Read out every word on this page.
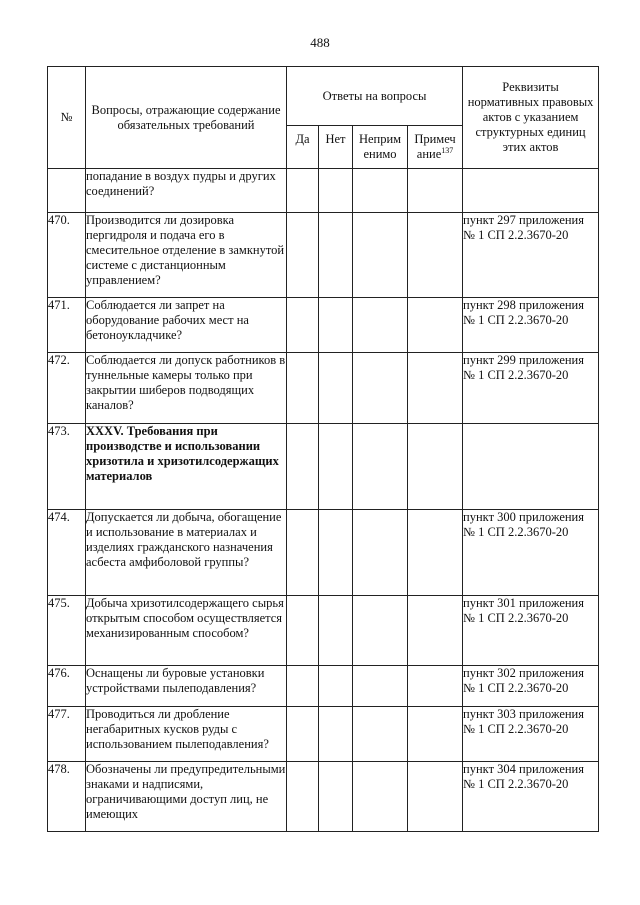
488
№	Вопросы, отражающие содержание обязательных требований	Ответы на вопросы				Реквизиты нормативных правовых актов с указанием структурных единиц этих актов
		Да	Нет	Неприм енимо	Примеч ание$^{137}$
	попадание в воздух пудры и других соединений?					
470.	Производится ли дозировка пергидроля и подача его в смесительное отделение в замкнутой системе с дистанционным управлением?					пункт 297 приложения № 1 СП 2.2.3670-20
471.	Соблюдается ли запрет на оборудование рабочих мест на бетоноукладчике?					пункт 298 приложения № 1 СП 2.2.3670-20
472.	Соблюдается ли допуск работников в туннельные камеры только при закрытии шиберов подводящих каналов?					пункт 299 приложения № 1 СП 2.2.3670-20
473.	XXXV. Требования при производстве и использовании хризотила и хризотилсодержащих материалов					
474.	Допускается ли добыча, обогащение и использование в материалах и изделиях гражданского назначения асбеста амфиболовой группы?					пункт 300 приложения № 1 СП 2.2.3670-20
475.	Добыча хризотилсодержащего сырья открытым способом осуществляется механизированным способом?					пункт 301 приложения № 1 СП 2.2.3670-20
476.	Оснащены ли буровые установки устройствами пылеподавления?					пункт 302 приложения № 1 СП 2.2.3670-20
477.	Проводиться ли дробление негабаритных кусков руды с использованием пылеподавления?					пункт 303 приложения № 1 СП 2.2.3670-20
478.	Обозначены ли предупредительными знаками и надписями, ограничивающими доступ лиц, не имеющих					пункт 304 приложения № 1 СП 2.2.3670-20
